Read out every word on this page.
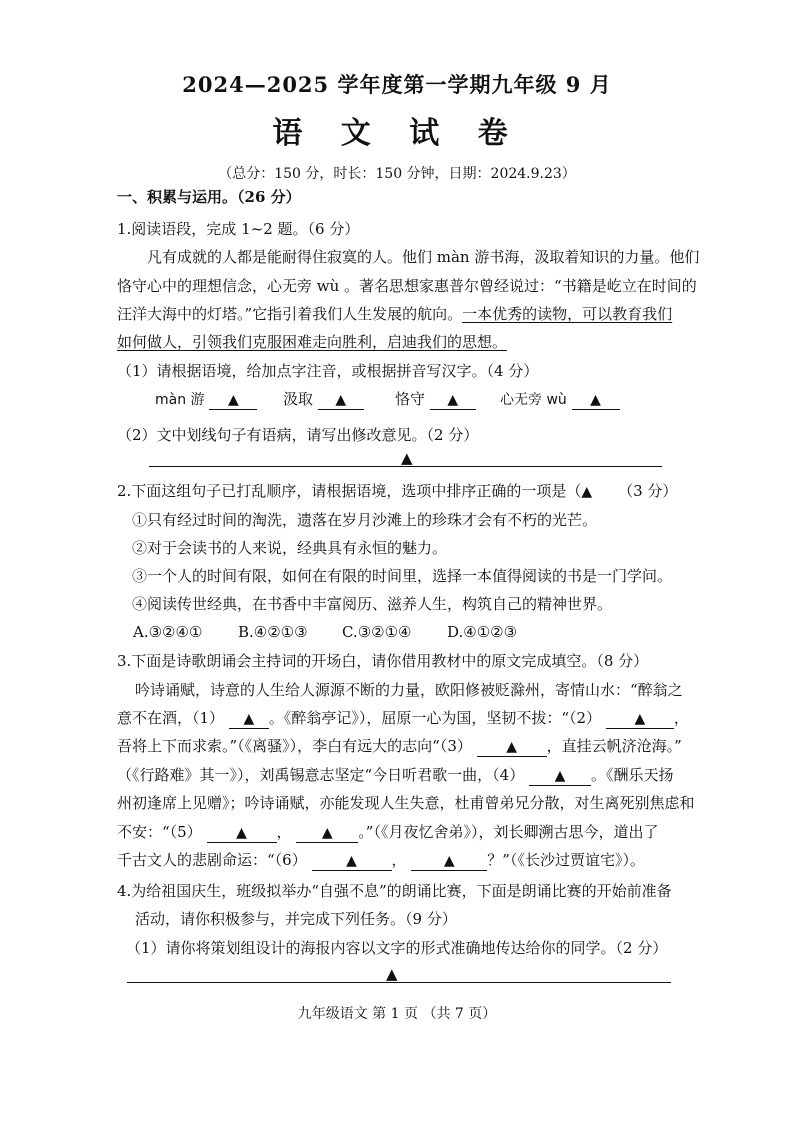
2024—2025 学年度第一学期九年级 9 月
语 文 试 卷
（总分：150 分，时长：150 分钟，日期：2024.9.23）
一、积累与运用。（26 分）
1.阅读语段，完成 1~2 题。（6 分）
凡有成就的人都是能耐得住寂寞的人。他们 màn 游书海，汲取着知识的力量。他们
恪守心中的理想信念，心无旁 wù 。著名思想家惠普尔曾经说过：“书籍是屹立在时间的
汪洋大海中的灯塔。”它指引着我们人生发展的航向。一本优秀的读物，可以教育我们
如何做人，引领我们克服困难走向胜利，启迪我们的思想。
（1）请根据语境，给加点字注音，或根据拼音写汉字。（4 分）
màn 游 ▲	汲取 ▲	恪守 ▲	心无旁 wù ▲
（2）文中划线句子有语病，请写出修改意见。（2 分）
▲
2.下面这组句子已打乱顺序，请根据语境，选项中排序正确的一项是（▲ （3 分）
①只有经过时间的淘洗，遗落在岁月沙滩上的珍珠才会有不朽的光芒。
②对于会读书的人来说，经典具有永恒的魅力。
③一个人的时间有限，如何在有限的时间里，选择一本值得阅读的书是一门学问。
④阅读传世经典，在书香中丰富阅历、滋养人生，构筑自己的精神世界。
A.③②④① B.④②①③ C.③②①④ D.④①②③
3.下面是诗歌朗诵会主持词的开场白，请你借用教材中的原文完成填空。（8 分）
吟诗诵赋，诗意的人生给人源源不断的力量，欧阳修被贬滁州，寄情山水：“醉翁之
意不在酒，（1） ▲ 。《醉翁亭记》），屈原一心为国，坚韧不拔：“（2） ▲ ，
吾将上下而求索。”（《离骚》），李白有远大的志向“（3） ▲ ，直挂云帆济沧海。”
（《行路难》其一》），刘禹锡意志坚定“今日听君歌一曲，（4） ▲ 。《酬乐天扬
州初逢席上见赠》；吟诗诵赋，亦能发现人生失意，杜甫曾弟兄分散，对生离死别焦虑和
不安：“（5） ▲ ， ▲ 。”（《月夜忆舍弟》），刘长卿溯古思今，道出了
千古文人的悲剧命运：“（6）	▲ ，	▲ ？”（《长沙过贾谊宅》）。
4.为给祖国庆生，班级拟举办“自强不息”的朗诵比赛，下面是朗诵比赛的开始前准备
活动，请你积极参与，并完成下列任务。（9 分）
（1）请你将策划组设计的海报内容以文字的形式准确地传达给你的同学。（2 分）
▲
九年级语文 第 1 页 （共 7 页）
